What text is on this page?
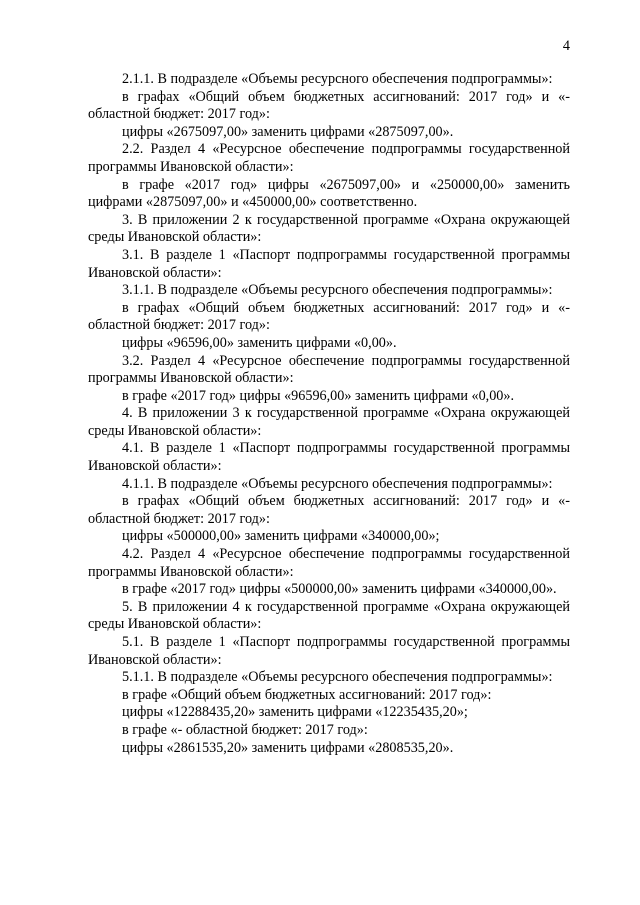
4

2.1.1. В подразделе «Объемы ресурсного обеспечения подпрограммы»:

в графах «Общий объем бюджетных ассигнований: 2017 год» и «- областной бюджет: 2017 год»:

цифры «2675097,00» заменить цифрами «2875097,00».

2.2. Раздел 4 «Ресурсное обеспечение подпрограммы государственной программы Ивановской области»:

в графе «2017 год» цифры «2675097,00» и «250000,00» заменить цифрами «2875097,00» и «450000,00» соответственно.

3. В приложении 2 к государственной программе «Охрана окружающей среды Ивановской области»:

3.1. В разделе 1 «Паспорт подпрограммы государственной программы Ивановской области»:

3.1.1. В подразделе «Объемы ресурсного обеспечения подпрограммы»:

в графах «Общий объем бюджетных ассигнований: 2017 год» и «- областной бюджет: 2017 год»:

цифры «96596,00» заменить цифрами «0,00».

3.2. Раздел 4 «Ресурсное обеспечение подпрограммы государственной программы Ивановской области»:

в графе «2017 год» цифры «96596,00» заменить цифрами «0,00».

4. В приложении 3 к государственной программе «Охрана окружающей среды Ивановской области»:

4.1. В разделе 1 «Паспорт подпрограммы государственной программы Ивановской области»:

4.1.1. В подразделе «Объемы ресурсного обеспечения подпрограммы»:

в графах «Общий объем бюджетных ассигнований: 2017 год» и «- областной бюджет: 2017 год»:

цифры «500000,00» заменить цифрами «340000,00»;

4.2. Раздел 4 «Ресурсное обеспечение подпрограммы государственной программы Ивановской области»:

в графе «2017 год» цифры «500000,00» заменить цифрами «340000,00».

5. В приложении 4 к государственной программе «Охрана окружающей среды Ивановской области»:

5.1. В разделе 1 «Паспорт подпрограммы государственной программы Ивановской области»:

5.1.1. В подразделе «Объемы ресурсного обеспечения подпрограммы»:

в графе «Общий объем бюджетных ассигнований: 2017 год»:

цифры «12288435,20» заменить цифрами «12235435,20»;

в графе «- областной бюджет: 2017 год»:

цифры «2861535,20» заменить цифрами «2808535,20».
